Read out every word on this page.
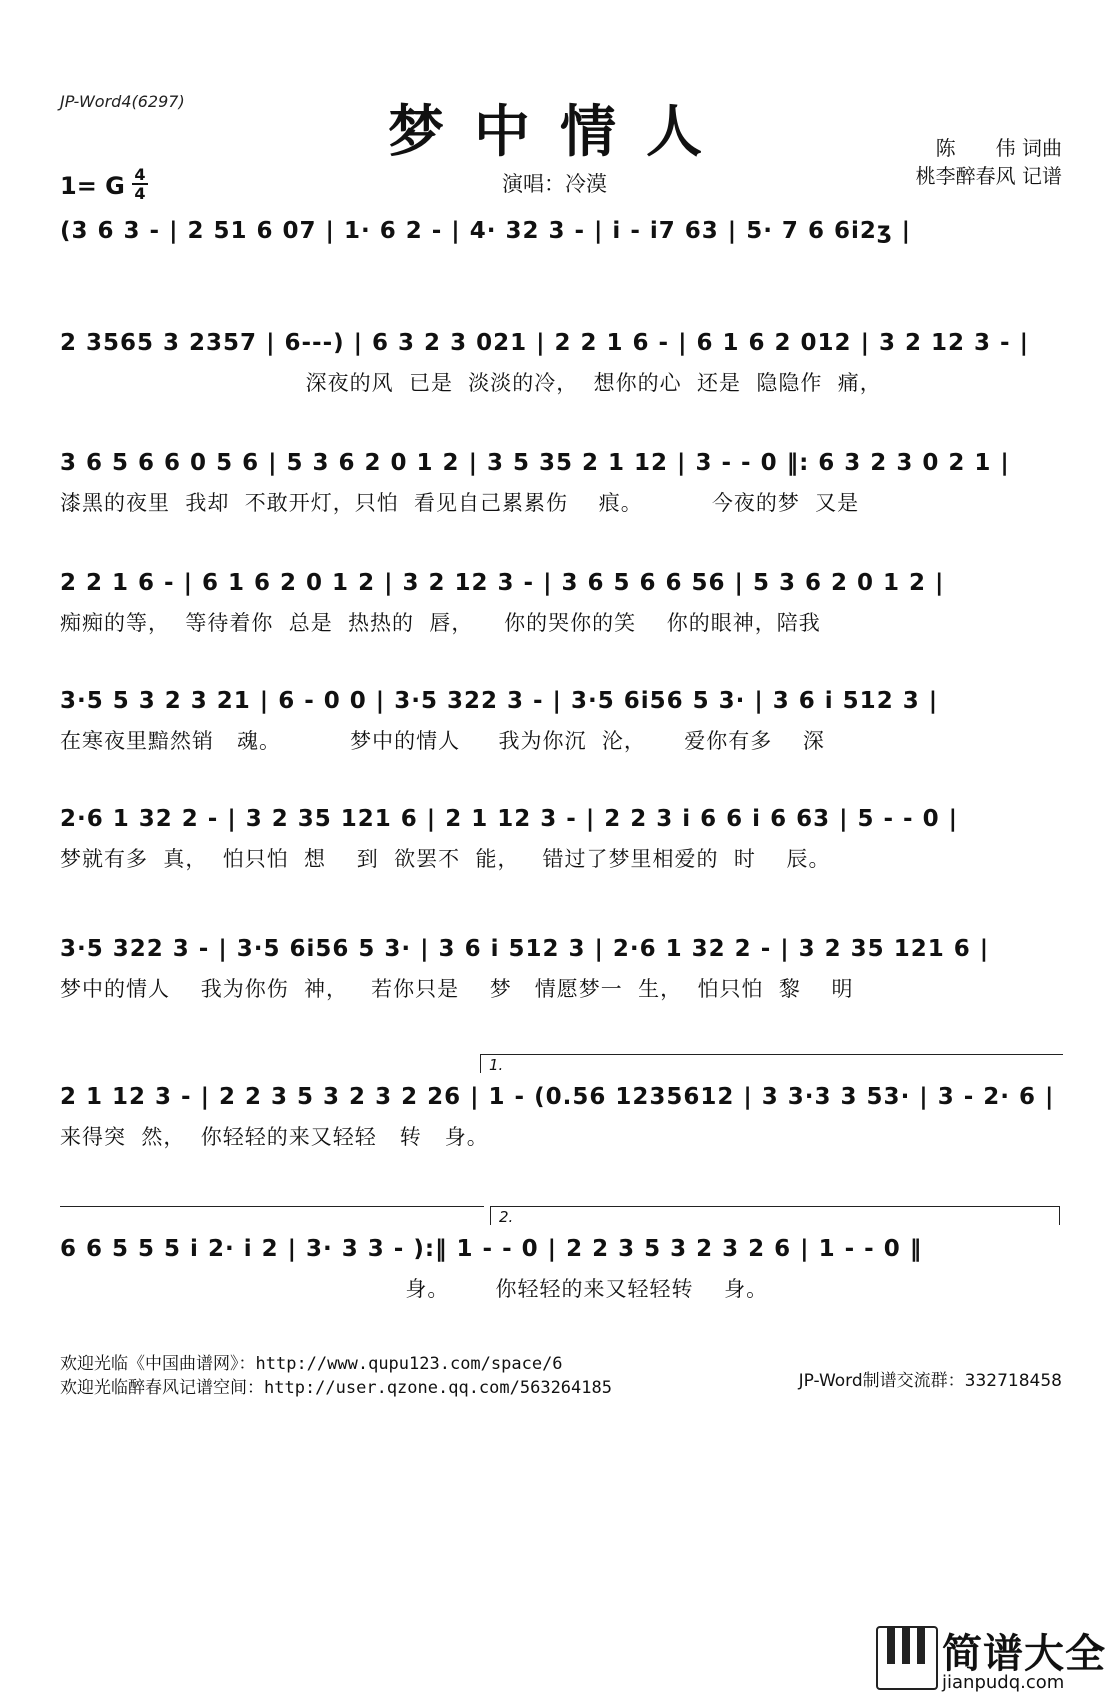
JP-Word4(6297)	梦中情人	陈　　伟 词曲
桃李醉春风 记谱
1= G 4
4	演唱：冷漠
(3 6 3 - | 2 51 6 07 | 1· 6 2 - | 4· 32 3 - | i - i7 63 | 5· 7 6 6i2ʒ |
2 3565 3 2357 | 6---) | 6 3 2 3 021 | 2 2 1 6 - | 6 1 6 2 012 | 3 2 12 3 - |
深夜的风  已是  淡淡的冷，  想你的心  还是  隐隐作  痛，
3 6 5 6 6 0 5 6 | 5 3 6 2 0 1 2 | 3 5 35 2 1 12 | 3 - - 0 ‖: 6 3 2 3 0 2 1 |
漆黑的夜里  我却  不敢开灯，只怕  看见自己累累伤    痕。         今夜的梦  又是
2 2 1 6 - | 6 1 6 2 0 1 2 | 3 2 12 3 - | 3 6 5 6 6 56 | 5 3 6 2 0 1 2 |
痴痴的等，  等待着你  总是  热热的  唇，    你的哭你的笑    你的眼神，陪我
3·5 5 3 2 3 21 | 6 - 0 0 | 3·5 322 3 - | 3·5 6i56 5 3· | 3 6 i 512 3 |
在寒夜里黯然销   魂。         梦中的情人     我为你沉  沦，     爱你有多    深
2·6 1 32 2 - | 3 2 35 121 6 | 2 1 12 3 - | 2 2 3 i 6 6 i 6 63 | 5 - - 0 |
梦就有多  真，  怕只怕  想    到  欲罢不  能，   错过了梦里相爱的  时    辰。
3·5 322 3 - | 3·5 6i56 5 3· | 3 6 i 512 3 | 2·6 1 32 2 - | 3 2 35 121 6 |
梦中的情人    我为你伤  神，   若你只是    梦   情愿梦一  生，  怕只怕  黎    明
1.
2 1 12 3 - | 2 2 3 5 3 2 3 2 26 | 1 - (0.56 1235612 | 3 3·3 3 53· | 3 - 2· 6 |
来得突  然，  你轻轻的来又轻轻   转   身。
2.
6 6 5 5 5 i 2· i 2 | 3· 3 3 - ):‖ 1 - - 0 | 2 2 3 5 3 2 3 2 6 | 1 - - 0 ‖
身。      你轻轻的来又轻轻转    身。
欢迎光临《中国曲谱网》：http://www.qupu123.com/space/6
欢迎光临醉春风记谱空间：http://user.qzone.qq.com/563264185	JP-Word制谱交流群：332718458
简谱大全
jianpudq.com
